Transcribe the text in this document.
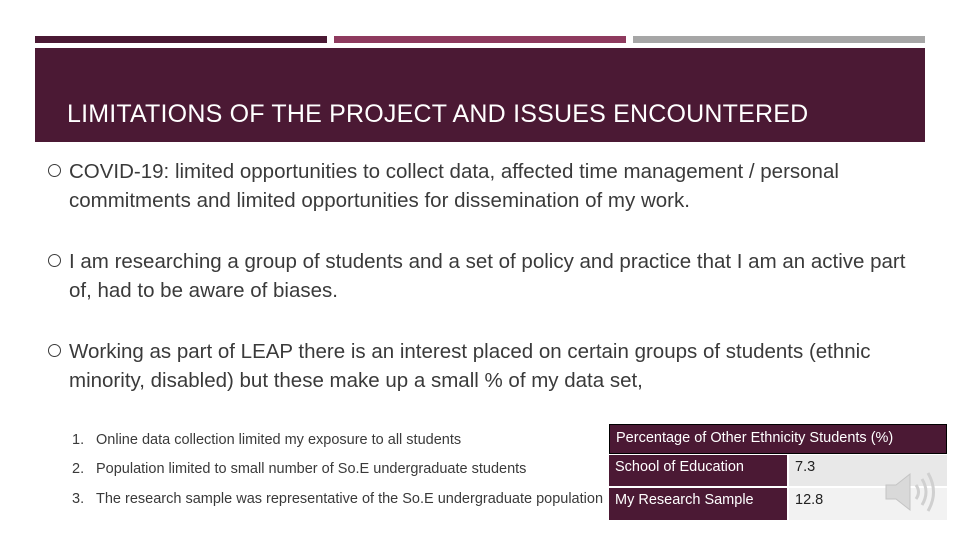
LIMITATIONS OF THE PROJECT AND ISSUES ENCOUNTERED
COVID-19: limited opportunities to collect data, affected time management / personal commitments and limited opportunities for dissemination of my work.
I am researching a group of students and a set of policy and practice that I am an active part of, had to be aware of biases.
Working as part of LEAP there is an interest placed on certain groups of students (ethnic minority, disabled) but these make up a small % of my data set,
1. Online data collection limited my exposure to all students
2. Population limited to small number of So.E undergraduate students
3. The research sample was representative of the So.E undergraduate population
Percentage of Other Ethnicity Students (%)
School of Education	7.3
My Research Sample	12.8
